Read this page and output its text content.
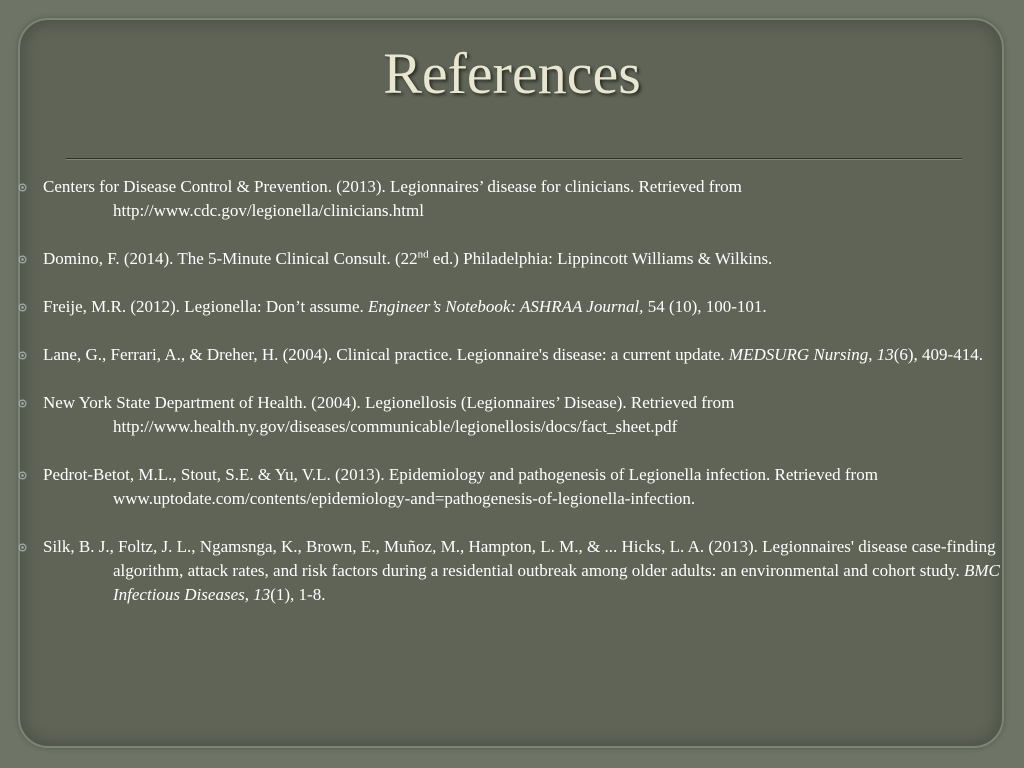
References
Centers for Disease Control & Prevention. (2013). Legionnaires’ disease for clinicians. Retrieved from http://www.cdc.gov/legionella/clinicians.html
Domino, F. (2014). The 5-Minute Clinical Consult. (22nd ed.) Philadelphia: Lippincott Williams & Wilkins.
Freije, M.R. (2012). Legionella: Don’t assume. Engineer’s Notebook: ASHRAA Journal, 54 (10), 100-101.
Lane, G., Ferrari, A., & Dreher, H. (2004). Clinical practice. Legionnaire's disease: a current update. MEDSURG Nursing, 13(6), 409-414.
New York State Department of Health. (2004). Legionellosis (Legionnaires’ Disease). Retrieved from http://www.health.ny.gov/diseases/communicable/legionellosis/docs/fact_sheet.pdf
Pedrot-Betot, M.L., Stout, S.E. & Yu, V.L. (2013). Epidemiology and pathogenesis of Legionella infection. Retrieved from www.uptodate.com/contents/epidemiology-and=pathogenesis-of-legionella-infection.
Silk, B. J., Foltz, J. L., Ngamsnga, K., Brown, E., Muñoz, M., Hampton, L. M., & ... Hicks, L. A. (2013). Legionnaires' disease case-finding algorithm, attack rates, and risk factors during a residential outbreak among older adults: an environmental and cohort study. BMC Infectious Diseases, 13(1), 1-8.
